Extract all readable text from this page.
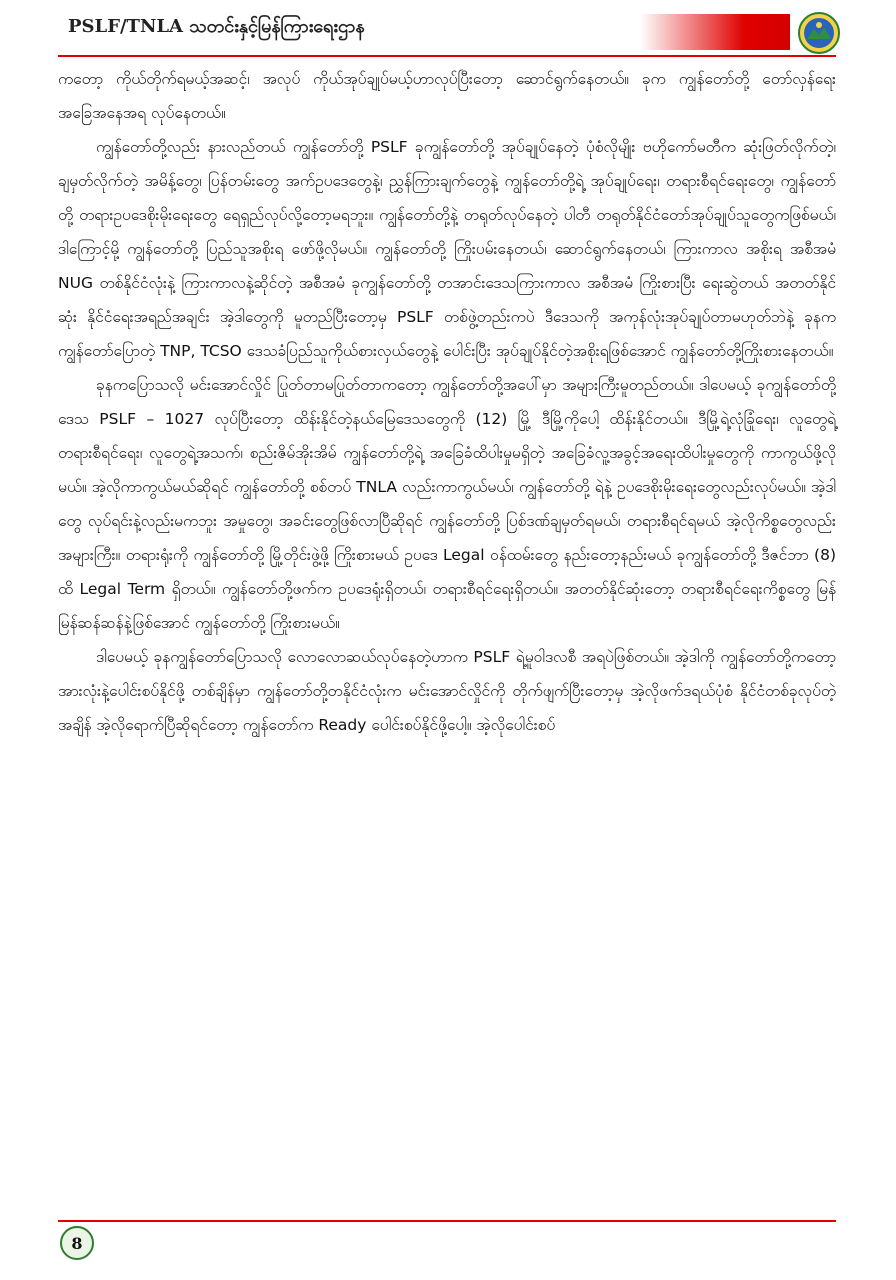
PSLF/TNLA သတင်းနှင့်မြန်ကြားရေးဌာန

ကတော့ ကိုယ်တိုက်ရမယ့်အဆင့်၊ အလုပ် ကိုယ်အုပ်ချုပ်မယ့်ဟာလုပ်ပြီးတော့ ဆောင်ရွက်နေတယ်။ ခုက ကျွန်တော်တို့ တော်လှန်ရေးအခြေအနေအရ လုပ်နေတယ်။

ကျွန်တော်တို့လည်း နားလည်တယ် ကျွန်တော်တို့ PSLF ခုကျွန်တော်တို့ အုပ်ချုပ်နေတဲ့ ပုံစံလိုမျိုး ဗဟိုကော်မတီက ဆုံးဖြတ်လိုက်တဲ့၊ ချမှတ်လိုက်တဲ့ အမိန့်တွေ၊ ပြန်တမ်းတွေ အက်ဥပဒေတွေနဲ့၊ ညွှန်ကြားချက်တွေနဲ့ ကျွန်တော်တို့ရဲ့ အုပ်ချုပ်ရေး၊ တရားစီရင်ရေးတွေ၊ ကျွန်တော်တို့ တရားဥပဒေစိုးမိုးရေးတွေ ရေရှည်လုပ်လို့တော့မရဘူး။ ကျွန်တော်တို့နဲ့ တရုတ်လုပ်နေတဲ့ ပါတီ တရုတ်နိုင်ငံတော်အုပ်ချုပ်သူတွေကဖြစ်မယ်၊ ဒါကြောင့်မို့ ကျွန်တော်တို့ ပြည်သူအစိုးရ ဖော်ဖို့လိုမယ်။ ကျွန်တော်တို့ ကြိုးပမ်းနေတယ်၊ ဆောင်ရွက်နေတယ်၊ ကြားကာလ အစိုးရ အစီအမံ NUG တစ်နိုင်ငံလုံးနဲ့ ကြားကာလနဲ့ဆိုင်တဲ့ အစီအမံ ခုကျွန်တော်တို့ တအာင်းဒေသကြားကာလ အစီအမံ ကြိုးစားပြီး ရေးဆွဲတယ် အတတ်နိုင်ဆုံး နိုင်ငံရေးအရည်အချင်း အဲ့ဒါတွေကို မူတည်ပြီးတော့မှ PSLF တစ်ဖွဲ့တည်းကပဲ ဒီဒေသကို အကုန်လုံးအုပ်ချုပ်တာမဟုတ်ဘဲနဲ့ ခုနကကျွန်တော်ပြောတဲ့ TNP, TCSO ဒေသခံပြည်သူကိုယ်စားလှယ်တွေနဲ့ ပေါင်းပြီး အုပ်ချုပ်နိုင်တဲ့အစိုးရဖြစ်အောင် ကျွန်တော်တို့ကြိုးစားနေတယ်။

ခုနကပြောသလို မင်းအောင်လှိုင် ပြုတ်တာမပြုတ်တာကတော့ ကျွန်တော်တို့အပေါ်မှာ အများကြီးမူတည်တယ်။ ဒါပေမယ့် ခုကျွန်တော်တို့ဒေသ PSLF – 1027 လုပ်ပြီးတော့ ထိန်းနိုင်တဲ့နယ်မြေဒေသတွေကို (12) မြို့ ဒီမြို့ကိုပေါ့ ထိန်းနိုင်တယ်။ ဒီမြို့ရဲ့လုံခြုံရေး၊ လူတွေရဲ့ တရားစီရင်ရေး၊ လူတွေရဲ့အသက်၊ စည်းဇိမ်အိုးအိမ် ကျွန်တော်တို့ရဲ့ အခြေခံထိပါးမှုမရှိတဲ့ အခြေခံလူ့အခွင့်အရေးထိပါးမှုတွေကို ကာကွယ်ဖို့လိုမယ်။ အဲ့လိုကာကွယ်မယ်ဆိုရင် ကျွန်တော်တို့ စစ်တပ် TNLA လည်းကာကွယ်မယ်၊ ကျွန်တော်တို့ ရဲနဲ့ ဥပဒေစိုးမိုးရေးတွေလည်းလုပ်မယ်။ အဲ့ဒါတွေ လုပ်ရင်းနဲ့လည်းမကဘူး အမှုတွေ၊ အခင်းတွေဖြစ်လာပြီဆိုရင် ကျွန်တော်တို့ ပြစ်ဒဏ်ချမှတ်ရမယ်၊ တရားစီရင်ရမယ် အဲ့လိုကိစ္စတွေလည်း အများကြီး။ တရားရုံးကို ကျွန်တော်တို့ မြို့တိုင်းဖွဲ့ဖို့ ကြိုးစားမယ် ဥပဒေ Legal ဝန်ထမ်းတွေ နည်းတော့နည်းမယ် ခုကျွန်တော်တို့ ဒီဇင်ဘာ (8) ထိ Legal Term ရှိတယ်။ ကျွန်တော်တို့ဖက်က ဥပဒေရုံးရှိတယ်၊ တရားစီရင်ရေးရှိတယ်။ အတတ်နိုင်ဆုံးတော့ တရားစီရင်ရေးကိစ္စတွေ မြန်မြန်ဆန်ဆန်နဲ့ဖြစ်အောင် ကျွန်တော်တို့ ကြိုးစားမယ်။

ဒါပေမယ့် ခုနကျွန်တော်ပြောသလို လောလောဆယ်လုပ်နေတဲ့ဟာက PSLF ရဲ့မူဝါဒလစီ အရပဲဖြစ်တယ်။ အဲ့ဒါကို ကျွန်တော်တို့ကတော့ အားလုံးနဲ့ပေါင်းစပ်နိုင်ဖို့ တစ်ချိန်မှာ ကျွန်တော်တို့တနိုင်ငံလုံးက မင်းအောင်လှိုင်ကို တိုက်ဖျက်ပြီးတော့မှ အဲ့လိုဖက်ဒရယ်ပုံစံ နိုင်ငံတစ်ခုလုပ်တဲ့အချိန် အဲ့လိုရောက်ပြီဆိုရင်တော့ ကျွန်တော်က Ready ပေါင်းစပ်နိုင်ဖို့ပေါ့။ အဲ့လိုပေါင်းစပ်

8
